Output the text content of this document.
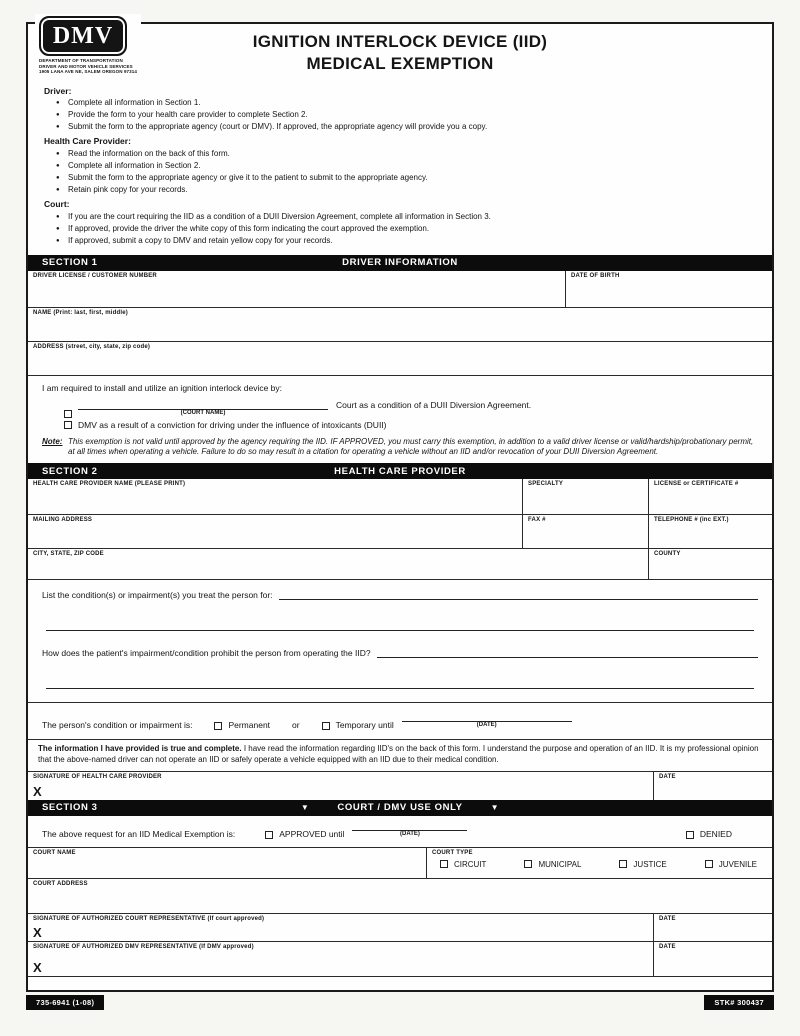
DMV
DEPARTMENT OF TRANSPORTATION
DRIVER AND MOTOR VEHICLE SERVICES
1905 LANA AVE NE, SALEM OREGON 97314
IGNITION INTERLOCK DEVICE (IID)
MEDICAL EXEMPTION
Driver:
● Complete all information in Section 1.
● Provide the form to your health care provider to complete Section 2.
● Submit the form to the appropriate agency (court or DMV). If approved, the appropriate agency will provide you a copy.
Health Care Provider:
● Read the information on the back of this form.
● Complete all information in Section 2.
● Submit the form to the appropriate agency or give it to the patient to submit to the appropriate agency.
● Retain pink copy for your records.
Court:
● If you are the court requiring the IID as a condition of a DUII Diversion Agreement, complete all information in Section 3.
● If approved, provide the driver the white copy of this form indicating the court approved the exemption.
● If approved, submit a copy to DMV and retain yellow copy for your records.
SECTION 1	DRIVER INFORMATION
DRIVER LICENSE / CUSTOMER NUMBER	DATE OF BIRTH
NAME (Print: last, first, middle)
ADDRESS (street, city, state, zip code)
I am required to install and utilize an ignition interlock device by:
(COURT NAME)
Court as a condition of a DUII Diversion Agreement.
DMV as a result of a conviction for driving under the influence of intoxicants (DUII)
Note: This exemption is not valid until approved by the agency requiring the IID. IF APPROVED, you must carry this exemption, in addition to a valid driver license or valid/hardship/probationary permit, at all times when operating a vehicle. Failure to do so may result in a citation for operating a vehicle without an IID and/or revocation of your DUII Diversion Agreement.
SECTION 2	HEALTH CARE PROVIDER
HEALTH CARE PROVIDER NAME (PLEASE PRINT)	SPECIALTY	LICENSE or CERTIFICATE #
MAILING ADDRESS	FAX #	TELEPHONE # (inc EXT.)
CITY, STATE, ZIP CODE	COUNTY
List the condition(s) or impairment(s) you treat the person for:
How does the patient's impairment/condition prohibit the person from operating the IID?
The person's condition or impairment is:	Permanent	or	Temporary until	(DATE)
The information I have provided is true and complete. I have read the information regarding IID's on the back of this form. I understand the purpose and operation of an IID. It is my professional opinion that the above-named driver can not operate an IID or safely operate a vehicle equipped with an IID due to their medical condition.
SIGNATURE OF HEALTH CARE PROVIDER
X
DATE
SECTION 3	▼	COURT / DMV USE ONLY	▼
The above request for an IID Medical Exemption is:	APPROVED until	(DATE)	DENIED
COURT NAME	COURT TYPE
CIRCUIT	MUNICIPAL	JUSTICE	JUVENILE
COURT ADDRESS
SIGNATURE OF AUTHORIZED COURT REPRESENTATIVE (If court approved)
X
DATE
SIGNATURE OF AUTHORIZED DMV REPRESENTATIVE (If DMV approved)
X
DATE
735-6941 (1-08)	STK# 300437
